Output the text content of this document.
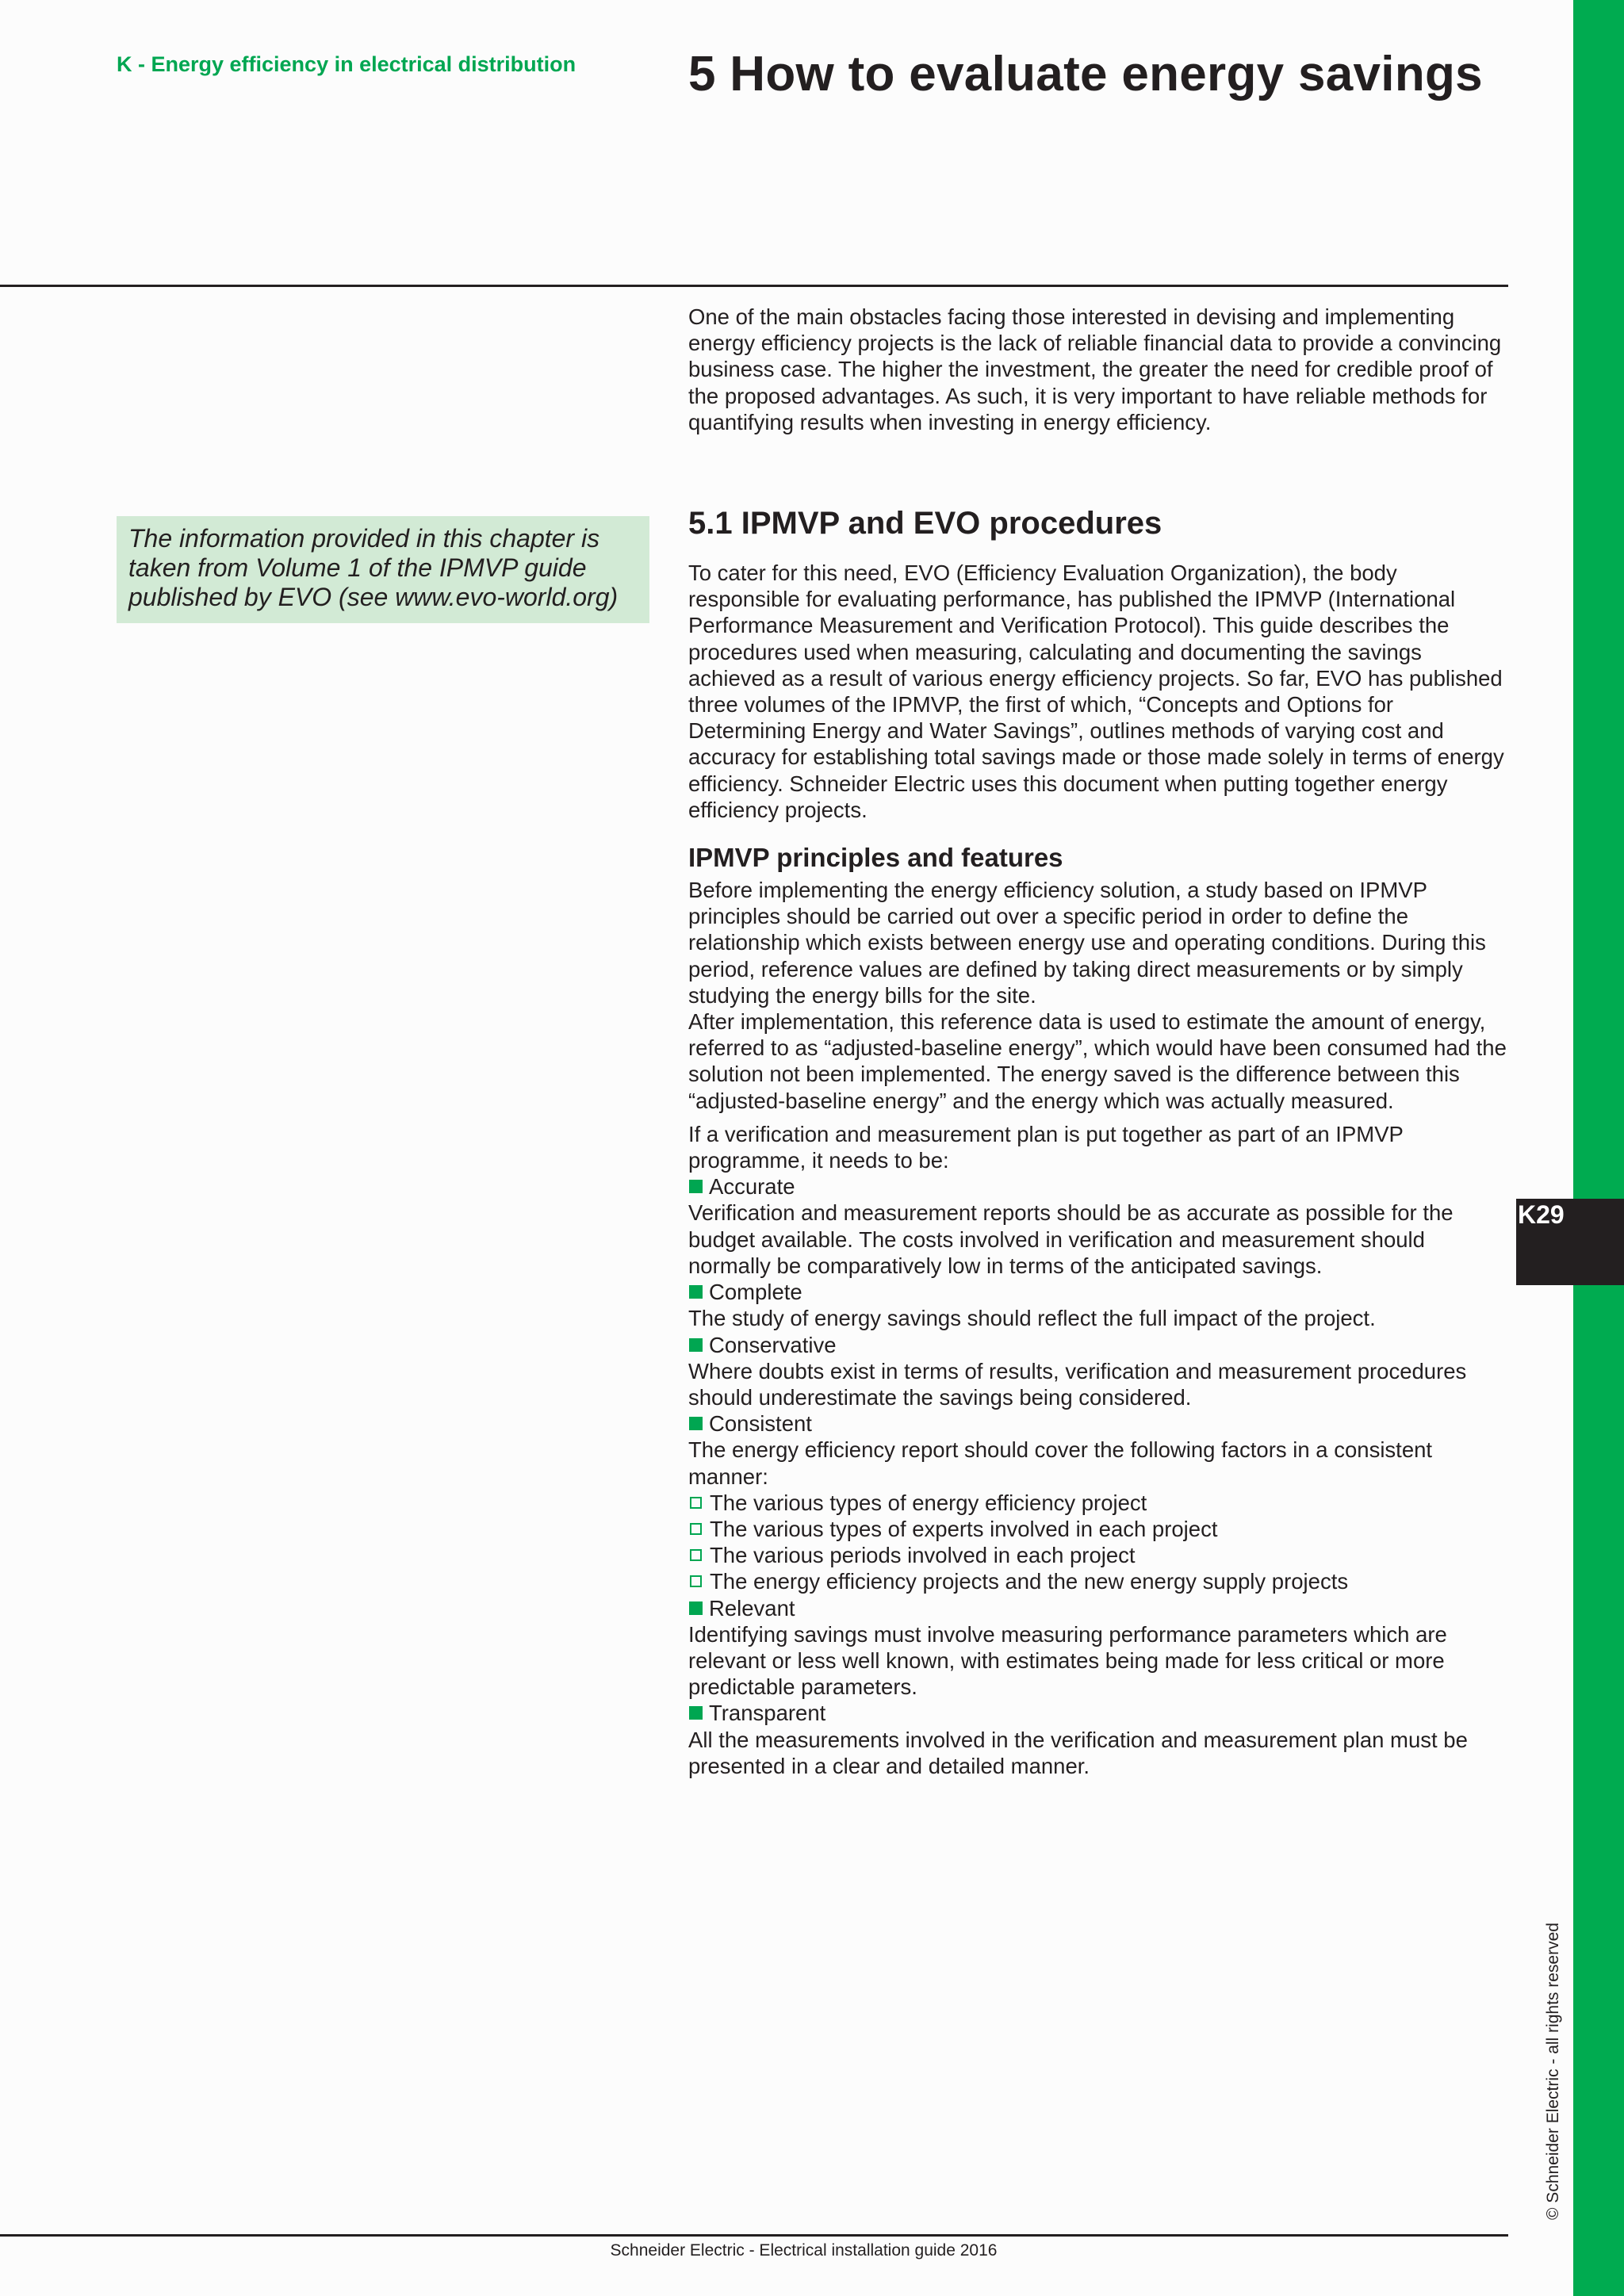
K - Energy efficiency in electrical distribution 5 How to evaluate energy savings
The information provided in this chapter is taken from Volume 1 of the IPMVP guide published by EVO (see www.evo-world.org)

One of the main obstacles facing those interested in devising and implementing energy efficiency projects is the lack of reliable financial data to provide a convincing business case. The higher the investment, the greater the need for credible proof of the proposed advantages. As such, it is very important to have reliable methods for quantifying results when investing in energy efficiency.

5.1 IPMVP and EVO procedures

To cater for this need, EVO (Efficiency Evaluation Organization), the body responsible for evaluating performance, has published the IPMVP (International Performance Measurement and Verification Protocol). This guide describes the procedures used when measuring, calculating and documenting the savings achieved as a result of various energy efficiency projects. So far, EVO has published three volumes of the IPMVP, the first of which, “Concepts and Options for Determining Energy and Water Savings”, outlines methods of varying cost and accuracy for establishing total savings made or those made solely in terms of energy efficiency. Schneider Electric uses this document when putting together energy efficiency projects.

IPMVP principles and features

Before implementing the energy efficiency solution, a study based on IPMVP principles should be carried out over a specific period in order to define the relationship which exists between energy use and operating conditions. During this period, reference values are defined by taking direct measurements or by simply studying the energy bills for the site.

After implementation, this reference data is used to estimate the amount of energy, referred to as “adjusted-baseline energy”, which would have been consumed had the solution not been implemented. The energy saved is the difference between this “adjusted-baseline energy” and the energy which was actually measured.

If a verification and measurement plan is put together as part of an IPMVP programme, it needs to be:

Accurate

Verification and measurement reports should be as accurate as possible for the budget available. The costs involved in verification and measurement should normally be comparatively low in terms of the anticipated savings.

Complete

The study of energy savings should reflect the full impact of the project.

Conservative

Where doubts exist in terms of results, verification and measurement procedures should underestimate the savings being considered.

Consistent

The energy efficiency report should cover the following factors in a consistent manner:

The various types of energy efficiency project
The various types of experts involved in each project
The various periods involved in each project
The energy efficiency projects and the new energy supply projects
Relevant

Identifying savings must involve measuring performance parameters which are relevant or less well known, with estimates being made for less critical or more predictable parameters.

Transparent

All the measurements involved in the verification and measurement plan must be presented in a clear and detailed manner.

K29
© Schneider Electric - all rights reserved
Schneider Electric - Electrical installation guide 2016
